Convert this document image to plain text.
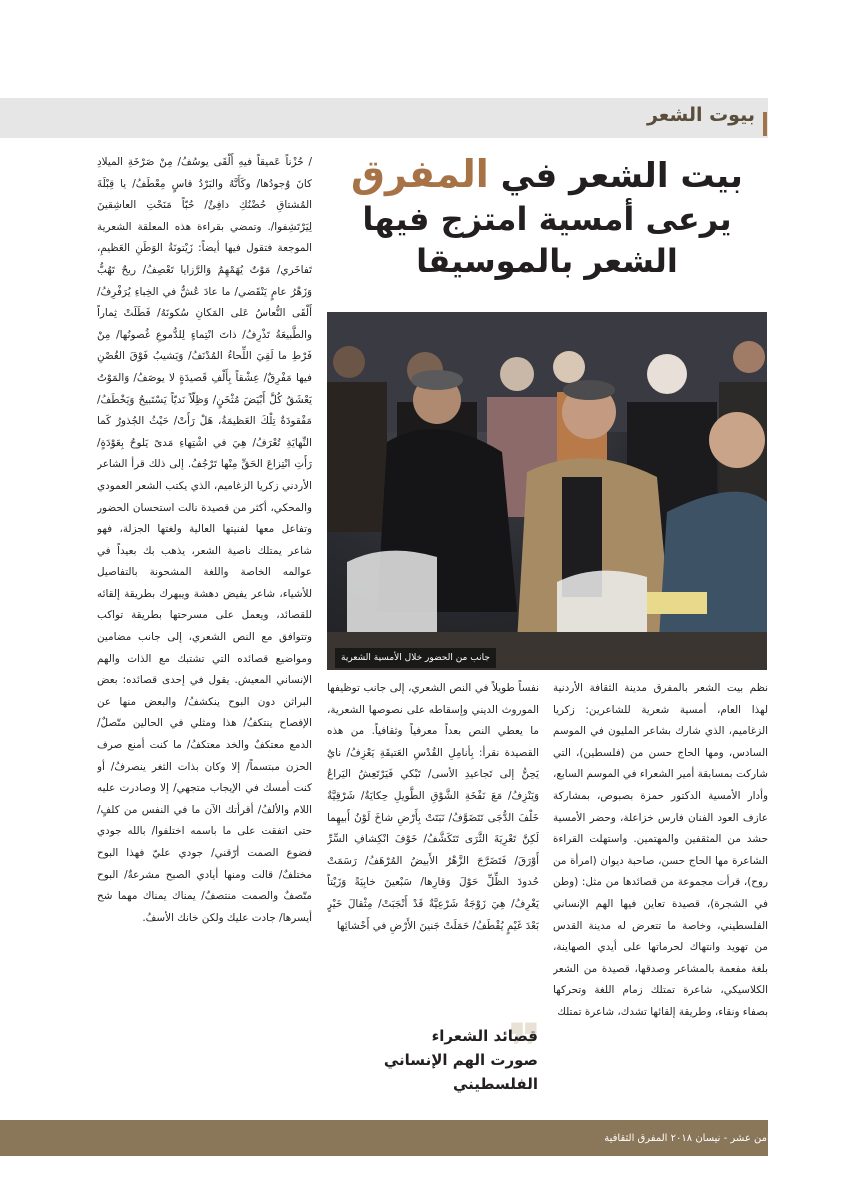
بيوت الشعر
بيت الشعر في المفرق
يرعى أمسية امتزج فيها
الشعر بالموسيقا
جانب من الحضور خلال الأمسية الشعرية

نظم بيت الشعر بالمفرق مدينة الثقافة الأردنية لهذا العام، أمسية شعرية للشاعرين: زكريا الزغاميم، الذي شارك بشاعر المليون في الموسم السادس، ومها الحاج حسن من (فلسطين)، التي شاركت بمسابقة أمير الشعراء في الموسم السابع، وأدار الأمسية الدكتور حمزة بصبوص، بمشاركة عازف العود الفنان فارس خزاعلة، وحضر الأمسية حشد من المثقفين والمهتمين. واستهلت القراءة الشاعرة مها الحاج حسن، صاحبة ديوان (امرأة من روح)، قرأت مجموعة من قصائدها من مثل: (وطن في الشجرة)، قصيدة تعاين فيها الهم الإنساني الفلسطيني، وخاصة ما تتعرض له مدينة القدس من تهويد وانتهاك لحرماتها على أيدي الصهاينة، بلغة مفعمة بالمشاعر وصدقها، قصيدة من الشعر الكلاسيكي، شاعرة تمتلك زمام اللغة وتحركها بصفاء ونقاء، وطريقة إلقائها تشدك، شاعرة تمتلك

نفساً طويلاً في النص الشعري، إلى جانب توظيفها الموروث الديني وإسقاطه على نصوصها الشعرية، ما يعطي النص بعداً معرفياً وثقافياً. من هذه القصيدة نقرأ: بِأنامِلِ القُدْسِ العَتيقَةِ يَعْزِفُ/ نايٌ يَحِنُّ إلى تَجاعيدِ الأسى/ تَبْكي فَيَرْتَعِشُ اليَراعُ وَيَنْزِفُ/ مَعَ نَفْخَةِ الشَّوْقِ الطَّويلِ حِكايَةٌ/ شَرْقِيَّةٌ خَلْفَ الدُّجَى تَتَضَوَّفُ/ نَبَتَتْ بِأَرْضِ شاخَ لَوْنُ أَبيهِما لَكِنَّ تَعْرِيَةَ الثَّرَى تَتَكَشَّفُ/ خَوْفَ انْكِشافِ السِّرِّ أَوْرَقَ/ فَتَضَرَّجَ الزَّهْرُ الأَبيضُ المُرْهَفُ/ رَسَمَتْ حُدودَ الظِّلِّ حَوْلَ وَقارِها/ سَبْعينَ خابِيَةً وَزَيْتاً يَغْرِفُ/ هِيَ زَوْجَةٌ شَرْعِيَّةٌ قَدْ أَنْجَبَتْ/ مِثْقالَ خَيْرٍ بَعْدَ غَيْمٍ يُقْطَفُ/ حَمَلَتْ جَنينَ الأَرْضِ في أَحْشائِها

/ حُزْناً عَميقاً فيهِ أَلْقَى يوسُفُ/ مِنْ صَرْخَةِ الميلادِ كانَ وُجودُها/ وكَأَنَّهُ والبَرْدُ قاسٍ مِعْطَفُ/ يا قِبْلَةَ المُشتاقِ حُضْنُكِ دافِئٌ/ حُبّاً مَنَحْتِ العاشِقينَ لِيَرْتَشِفوا/. وتمضي بقراءة هذه المعلقة الشعرية الموجعة فتقول فيها أيضاً: زَيْتونَةُ الوَطَنِ العَظيمِ، تَفاخَري/ مَوْتٌ يُهَمْهِمُ وَالرَّزايا تَعْصِفُ/ ريحٌ تَهُبُّ وَزَهْرُ عامٍ يَنْقَضي/ ما عادَ عُشٌّ في الخِباءِ يُرَفْرِفُ/ أَلْقَى النُّعاسُ عَلى المَكانِ سُكونَهُ/ فَطَلَتْ ثِماراً والطَّبيعَةُ تَذْرِفُ/ ذاتَ انْتِماءٍ لِلدُّموعِ غُصونُها/ مِنْ فَرْطِ ما لَقِيَ اللِّحاءُ المُدْنَفُ/ وَيَشيبُ فَوْقَ الغُصْنِ فيها مَفْرِقٌ/ عِشْقاً بِأَلْفِ قَصيدَةٍ لا يوصَفُ/ وَالمَوْتُ يَعْشَقُ كُلَّ أَبْيَضَ مُثْخَنٍ/ وَظِلّاً نَديّاً يَسْتَبيحُ وَيَخْطَفُ/ مَفْقودَةٌ تِلْكَ العَظيمَةُ، هَلْ رَأَتْ/ حَيْثُ الجُذورُ كَما النِّهايَةِ تُعْرَفُ/ هِيَ في اشْتِهاءِ مَدىً يَلوحُ بِعَوْدَةٍ/ رَأَتِ انْتِزاعَ الحَقِّ مِنْها تَرْجُفُ. إلى ذلك قرأ الشاعر الأردني زكريا الزغاميم، الذي يكتب الشعر العمودي والمحكي، أكثر من قصيدة نالت استحسان الحضور وتفاعل معها لفنيتها العالية ولغتها الجزلة، فهو شاعر يمتلك ناصية الشعر، يذهب بك بعيداً في عوالمه الخاصة واللغة المشحونة بالتفاصيل للأشياء، شاعر يفيض دهشة ويبهرك بطريقة إلقائه للقصائد، ويعمل على مسرحتها بطريقة تواكب وتتوافق مع النص الشعري، إلى جانب مضامين ومواضيع قصائده التي تشتبك مع الذات والهم الإنساني المعيش. يقول في إحدى قصائده: بعض البراثن دون البوح ينكشفُ/ والبعض منها عن الإفصاح ينتكفُ/ هذا ومثلي في الحالين متّصلٌ/ الدمع معتكفٌ والخد معتكفُ/ ما كنت أمنع صرف الحزن مبتسماً/ إلا وكان بذات الثغر ينصرفُ/ أو كنت أمسك في الإيجاب متجهي/ إلا وصادرت عليه اللام والألفُ/ أقرأتك الآن ما في النفس من كلفٍ/ حتى اتفقت على ما باسمه اختلفوا/ بالله جودي فضوع الصمت أرّقني/ جودي عليّ فهذا البوح مختلفٌ/ قالت ومنها أيادي الصبح مشرعةٌ/ البوح متّصفٌ والصمت منتصفٌ/ يمناك يمناك مهما شح أيسرها/ جادت عليك ولكن خانك الأسفُ.

❞
قصائد الشعراء
صورت الهم الإنساني
الفلسطيني
٢٠ العدد الثامن عشر - نيسان ٢٠١٨ المفرق الثقافية
